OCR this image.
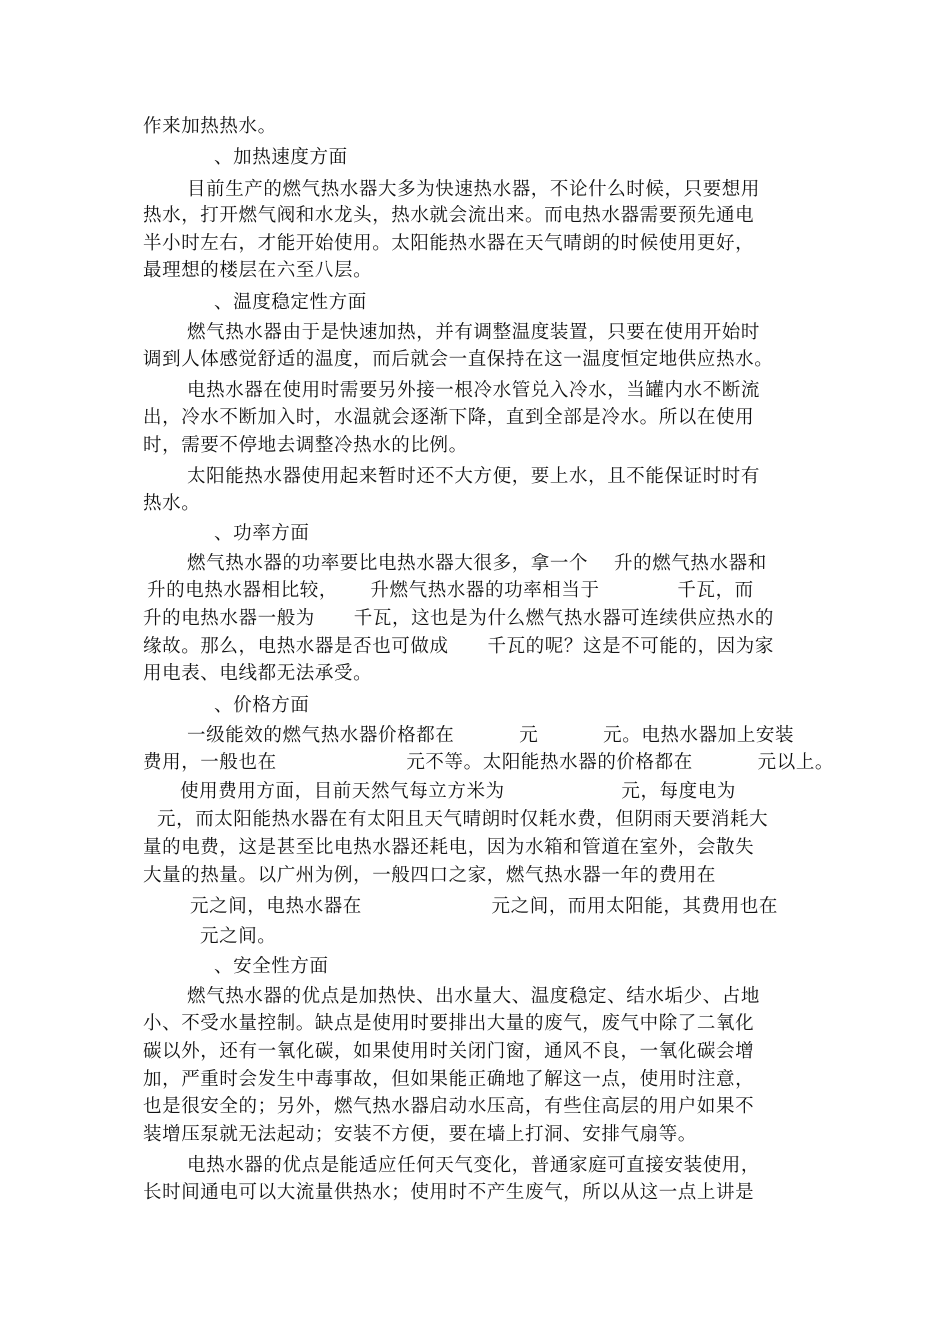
作来加热热水。
、加热速度方面
目前生产的燃气热水器大多为快速热水器，不论什么时候，只要想用
热水，打开燃气阀和水龙头，热水就会流出来。而电热水器需要预先通电
半小时左右，才能开始使用。太阳能热水器在天气晴朗的时候使用更好，
最理想的楼层在六至八层。
、温度稳定性方面
燃气热水器由于是快速加热，并有调整温度装置，只要在使用开始时
调到人体感觉舒适的温度，而后就会一直保持在这一温度恒定地供应热水。
电热水器在使用时需要另外接一根冷水管兑入冷水，当罐内水不断流
出，冷水不断加入时，水温就会逐渐下降，直到全部是冷水。所以在使用
时，需要不停地去调整冷热水的比例。
太阳能热水器使用起来暂时还不大方便，要上水，且不能保证时时有
热水。
、功率方面
燃气热水器的功率要比电热水器大很多，拿一个    升的燃气热水器和
升的电热水器相比较，     升燃气热水器的功率相当于            千瓦，而
升的电热水器一般为      千瓦，这也是为什么燃气热水器可连续供应热水的
缘故。那么，电热水器是否也可做成      千瓦的呢？这是不可能的，因为家
用电表、电线都无法承受。
、价格方面
一级能效的燃气热水器价格都在          元          元。电热水器加上安装
费用，一般也在                    元不等。太阳能热水器的价格都在          元以上。
使用费用方面，目前天然气每立方米为                  元，每度电为
元，而太阳能热水器在有太阳且天气晴朗时仅耗水费，但阴雨天要消耗大
量的电费，这是甚至比电热水器还耗电，因为水箱和管道在室外，会散失
大量的热量。以广州为例，一般四口之家，燃气热水器一年的费用在
元之间，电热水器在                    元之间，而用太阳能，其费用也在
元之间。
、安全性方面
燃气热水器的优点是加热快、出水量大、温度稳定、结水垢少、占地
小、不受水量控制。缺点是使用时要排出大量的废气，废气中除了二氧化
碳以外，还有一氧化碳，如果使用时关闭门窗，通风不良，一氧化碳会增
加，严重时会发生中毒事故，但如果能正确地了解这一点，使用时注意，
也是很安全的；另外，燃气热水器启动水压高，有些住高层的用户如果不
装增压泵就无法起动；安装不方便，要在墙上打洞、安排气扇等。
电热水器的优点是能适应任何天气变化，普通家庭可直接安装使用，
长时间通电可以大流量供热水；使用时不产生废气，所以从这一点上讲是
